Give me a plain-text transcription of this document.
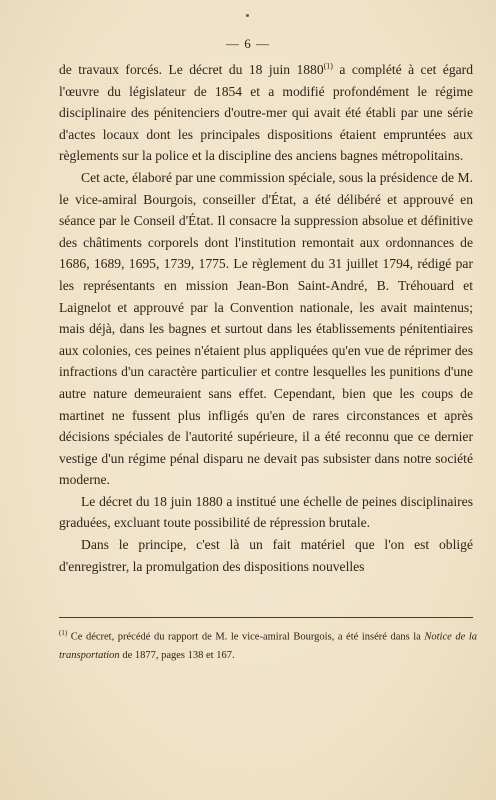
— 6 —

de travaux forcés. Le décret du 18 juin 1880$^{(1)}$ a complété à cet égard l'œuvre du législateur de 1854 et a modifié profondément le régime disciplinaire des pénitenciers d'outre-mer qui avait été établi par une série d'actes locaux dont les principales dispositions étaient empruntées aux règlements sur la police et la discipline des anciens bagnes métropolitains.

Cet acte, élaboré par une commission spéciale, sous la présidence de M. le vice-amiral Bourgois, conseiller d'État, a été délibéré et approuvé en séance par le Conseil d'État. Il consacre la suppression absolue et définitive des châtiments corporels dont l'institution remontait aux ordonnances de 1686, 1689, 1695, 1739, 1775. Le règlement du 31 juillet 1794, rédigé par les représentants en mission Jean-Bon Saint-André, B. Tréhouard et Laignelot et approuvé par la Convention nationale, les avait maintenus; mais déjà, dans les bagnes et surtout dans les établissements pénitentiaires aux colonies, ces peines n'étaient plus appliquées qu'en vue de réprimer des infractions d'un caractère particulier et contre lesquelles les punitions d'une autre nature demeuraient sans effet. Cependant, bien que les coups de martinet ne fussent plus infligés qu'en de rares circonstances et après décisions spéciales de l'autorité supérieure, il a été reconnu que ce dernier vestige d'un régime pénal disparu ne devait pas subsister dans notre société moderne.

Le décret du 18 juin 1880 a institué une échelle de peines disciplinaires graduées, excluant toute possibilité de répression brutale.

Dans le principe, c'est là un fait matériel que l'on est obligé d'enregistrer, la promulgation des dispositions nouvelles

$^{(1)}$ Ce décret, précédé du rapport de M. le vice-amiral Bourgois, a été inséré dans la Notice de la transportation de 1877, pages 138 et 167.
